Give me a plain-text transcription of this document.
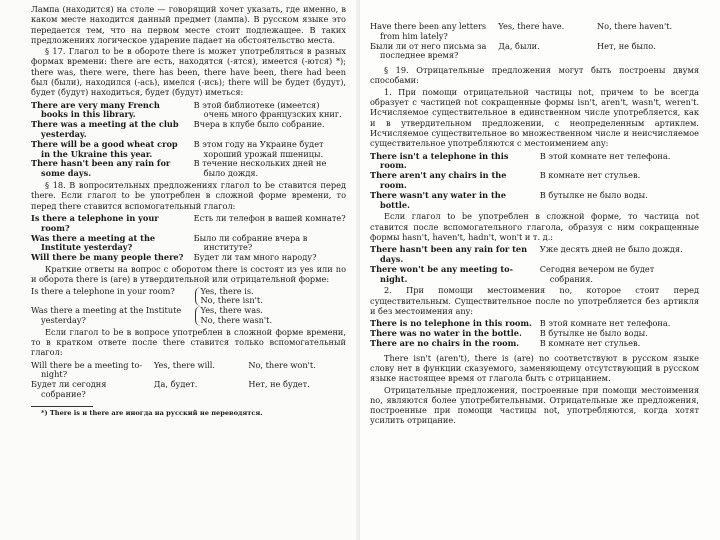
Лампа (находится) на столе — говорящий хочет указать, где именно, в каком месте находится данный предмет (лампа). В русском языке это передается тем, что на первом месте стоит подлежащее. В таких предложениях логическое ударение падает на обстоятельство места.

§ 17. Глагол to be в обороте there is может употребляться в разных формах времени: there are есть, находятся (-ятся), имеется (-ются) *); there was, there were, there has been, there have been, there had been был (были), находился (-ась), имелся (-ись); there will be будет (будут), будет (будут) находиться, будет (будут) иметься:

There are very many French books in this library.
В этой библиотеке (имеется) очень много французских книг.
There was a meeting at the club yesterday.
Вчера в клубе было собрание.
There will be a good wheat crop in the Ukraine this year.
В этом году на Украине будет хороший урожай пшеницы.
There hasn't been any rain for some days.
В течение нескольких дней не было дождя.

§ 18. В вопросительных предложениях глагол to be ставится перед there. Если глагол to be употреблен в сложной форме времени, то перед there ставится вспомогательный глагол:

Is there a telephone in your room?
Есть ли телефон в вашей комнате?
Was there a meeting at the Institute yesterday?
Было ли собрание вчера в институте?
Will there be many people there?	Будет ли там много народу?

Краткие ответы на вопрос с оборотом there is состоят из yes или no и оборота there is (are) в утвердительной или отрицательной форме:

Is there a telephone in your room?	Yes, there is.
No, there isn't.
Was there a meeting at the Institute yesterday?
Yes, there was.
No, there wasn't.

Если глагол to be в вопросе употреблен в сложной форме времени, то в кратком ответе после there ставится только вспомогательный глагол:

Will there be a meeting to-night?
Yes, there will.	No, there won't.
Будет ли сегодня собрание?
Да, будет.	Нет, не будет.
*) There is и there are иногда на русский не переводятся.
Have there been any letters from him lately?
Yes, there have.	No, there haven't.
Были ли от него письма за последнее время?
Да, были.	Нет, не было.

§ 19. Отрицательные предложения могут быть построены двумя способами:

1. При помощи отрицательной частицы not, причем to be всегда образует с частицей not сокращенные формы isn't, aren't, wasn't, weren't. Исчисляемое существительное в единственном числе употребляется, как и в утвердительном предложении, с неопределенным артиклем. Исчисляемое существительное во множественном числе и неисчисляемое существительное употребляются с местоимением any:

There isn't a telephone in this room.
В этой комнате нет телефона.
There aren't any chairs in the room.
В комнате нет стульев.
There wasn't any water in the bottle.
В бутылке не было воды.

Если глагол to be употреблен в сложной форме, то частица not ставится после вспомогательного глагола, образуя с ним сокращенные формы hasn't, haven't, hadn't, won't и т. д.:

There hasn't been any rain for ten days.
Уже десять дней не было дождя.
There won't be any meeting to-night.
Сегодня вечером не будет собрания.

2. При помощи местоимения no, которое стоит перед существительным. Существительное после no употребляется без артикля и без местоимения any:

There is no telephone in this room. В этой комнате нет телефона.
There was no water in the bottle.	В бутылке не было воды.
There are no chairs in the room.	В комнате нет стульев.

There isn't (aren't), there is (are) no соответствуют в русском языке слову нет в функции сказуемого, заменяющему отсутствующий в русском языке настоящее время от глагола быть с отрицанием.

Отрицательные предложения, построенные при помощи местоимения no, являются более употребительными. Отрицательные же предложения, построенные при помощи частицы not, употребляются, когда хотят усилить отрицание.
